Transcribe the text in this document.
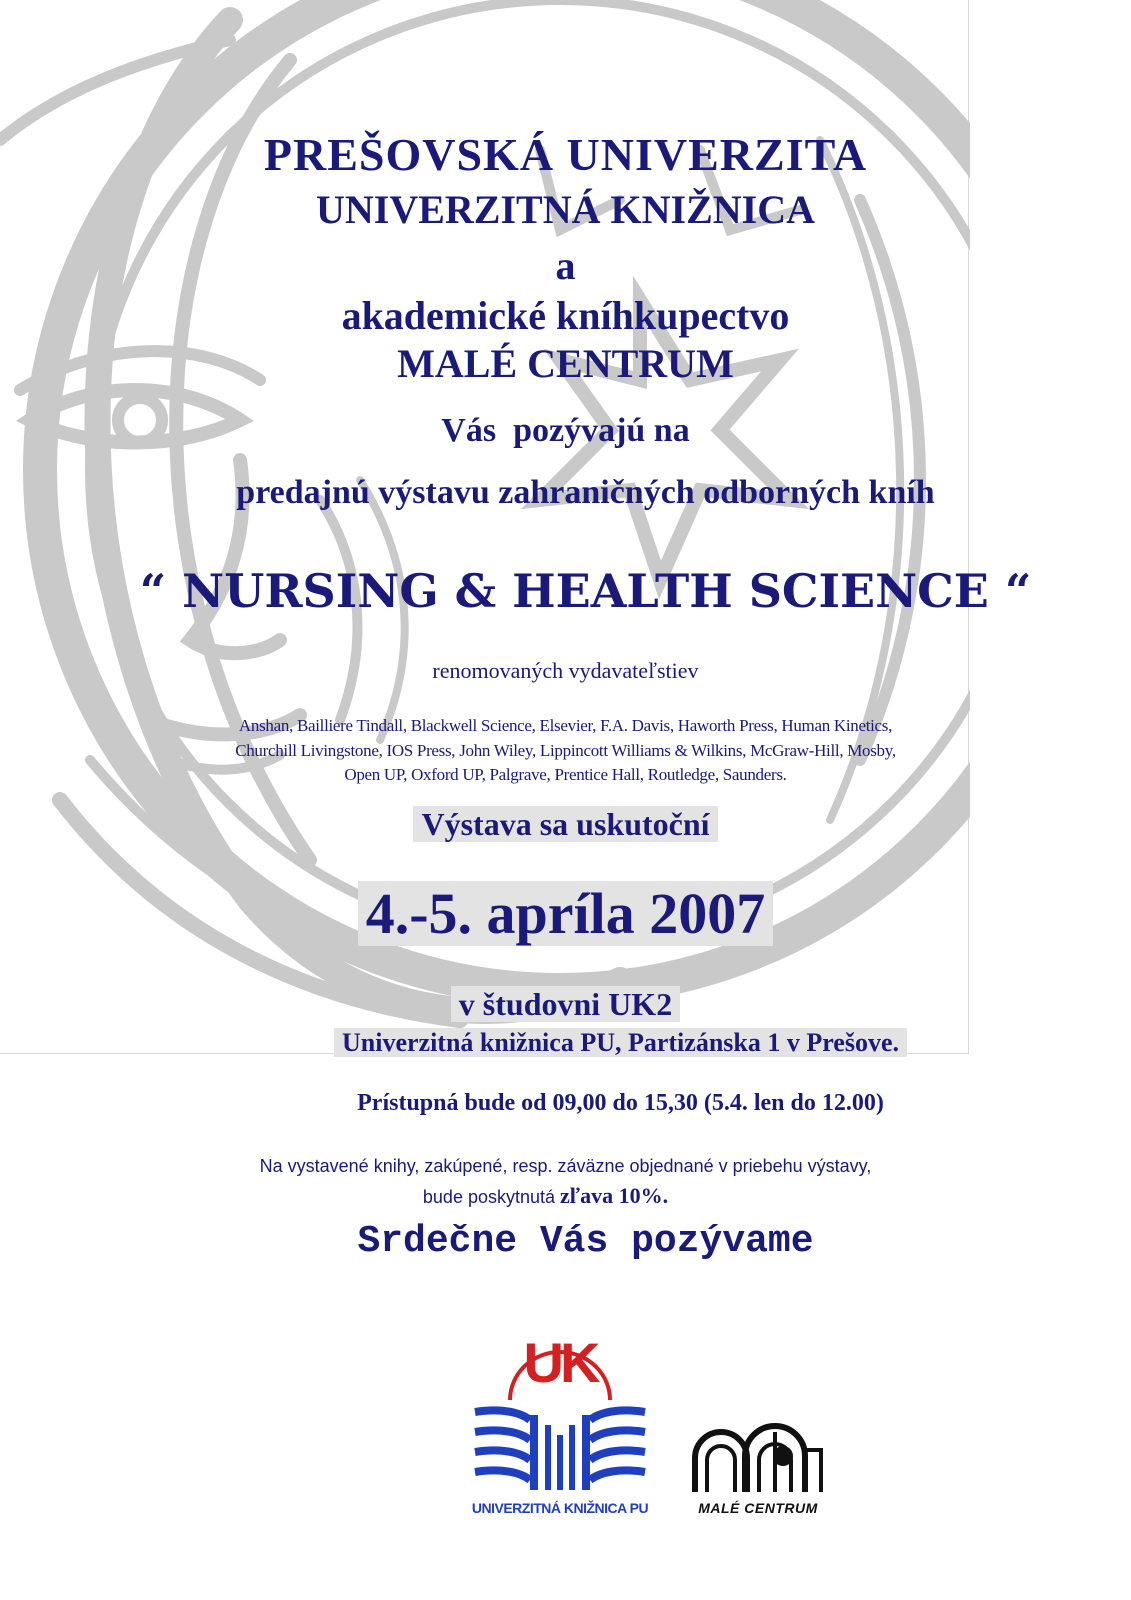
PREŠOVSKÁ UNIVERZITA
UNIVERZITNÁ KNIŽNICA
a
akademické kníhkupectvo
MALÉ CENTRUM
Vás  pozývajú na
predajnú výstavu zahraničných odborných kníh
“ NURSING & HEALTH SCIENCE “
renomovaných vydavateľstiev
Anshan, Bailliere Tindall, Blackwell Science, Elsevier, F.A. Davis, Haworth Press, Human Kinetics,
Churchill Livingstone, IOS Press, John Wiley, Lippincott Williams & Wilkins, McGraw-Hill, Mosby,
Open UP, Oxford UP, Palgrave, Prentice Hall, Routledge, Saunders.
Výstava sa uskutoční
4.-5. apríla 2007
v študovni UK2
Univerzitná knižnica PU, Partizánska 1 v Prešove.
Prístupná bude od 09,00 do 15,30 (5.4. len do 12.00)
Na vystavené knihy, zakúpené, resp. záväzne objednané v priebehu výstavy,
bude poskytnutá zľava 10%.
Srdečne Vás pozývame
UK
UNIVERZITNÁ KNIŽNICA PU	MALÉ CENTRUM
